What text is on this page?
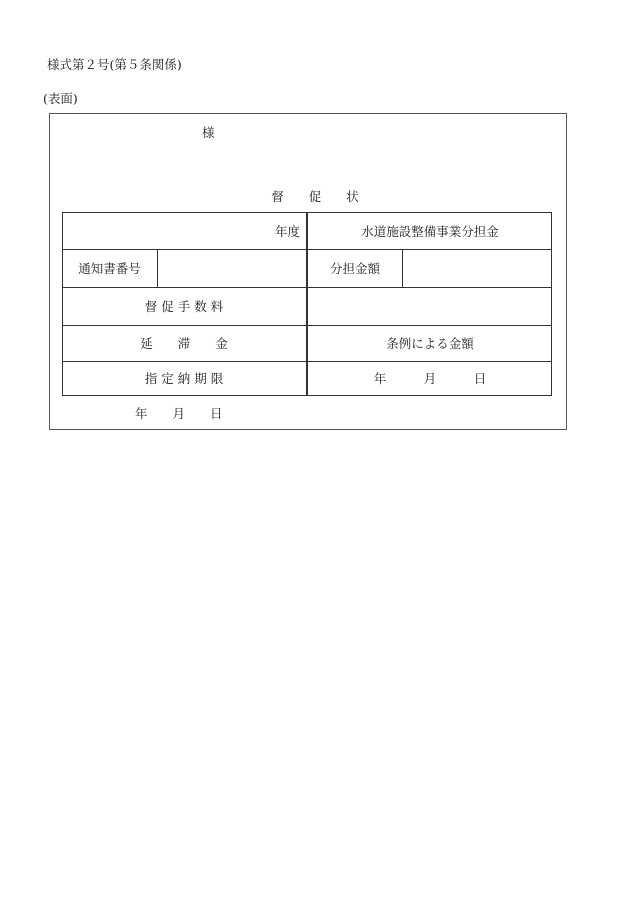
様式第２号(第５条関係)
(表面)
様
督　　促　　状
年度	水道施設整備事業分担金
通知書番号	分担金額
督 促 手 数 料
延　　滞　　金	条例による金額
指 定 納 期 限	年　　　月　　　日
年　　月　　日
